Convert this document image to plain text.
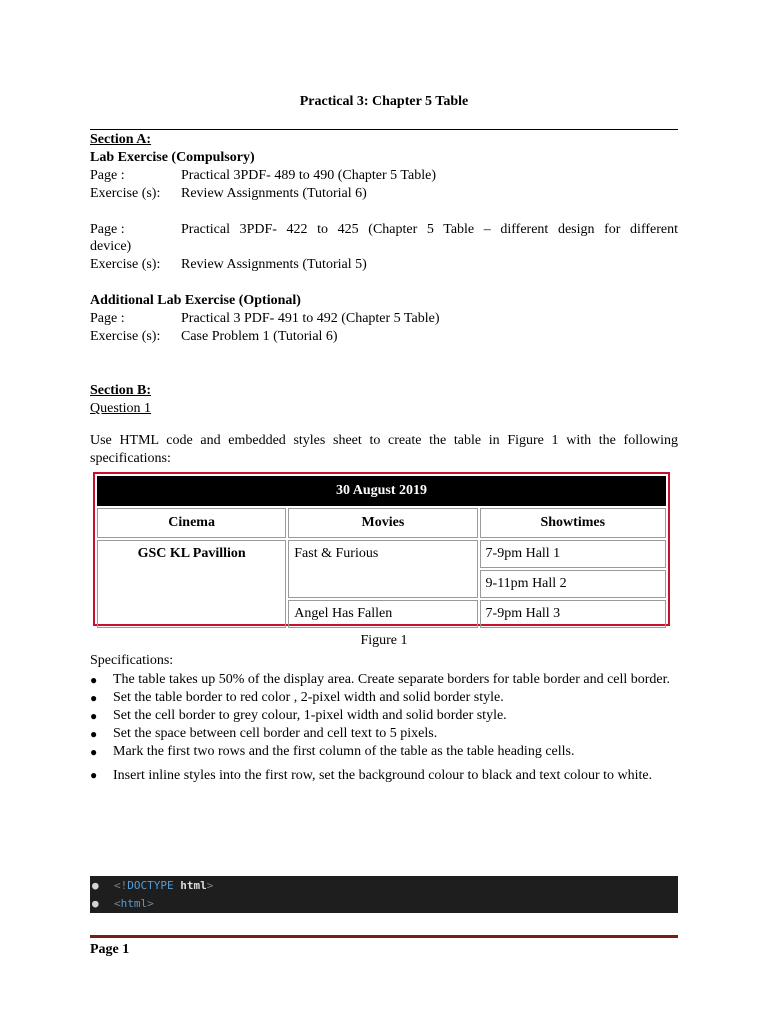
Practical 3: Chapter 5 Table
Section A:
Lab Exercise (Compulsory)
Page :	Practical 3PDF- 489 to 490 (Chapter 5 Table)
Exercise (s): Review Assignments (Tutorial 6)
Page :	Practical 3PDF- 422 to 425 (Chapter 5 Table – different design for different
device)
Exercise (s): Review Assignments (Tutorial 5)
Additional Lab Exercise (Optional)
Page :	Practical 3 PDF- 491 to 492 (Chapter 5 Table)
Exercise (s): Case Problem 1 (Tutorial 6)
Section B:
Question 1
Use HTML code and embedded styles sheet to create the table in Figure 1 with the following
specifications:
30 August 2019		
Cinema	Movies	Showtimes
GSC KL Pavillion	Fast & Furious	7-9pm Hall 1
		9-11pm Hall 2
	Angel Has Fallen	7-9pm Hall 3
Figure 1
Specifications:
● The table takes up 50% of the display area. Create separate borders for table border and cell border.
● Set the table border to red color , 2-pixel width and solid border style.
● Set the cell border to grey colour, 1-pixel width and solid border style.
● Set the space between cell border and cell text to 5 pixels.
● Mark the first two rows and the first column of the table as the table heading cells.
● Insert inline styles into the first row, set the background colour to black and text colour to white.
● <!DOCTYPE html>
● <html>
Page 1
